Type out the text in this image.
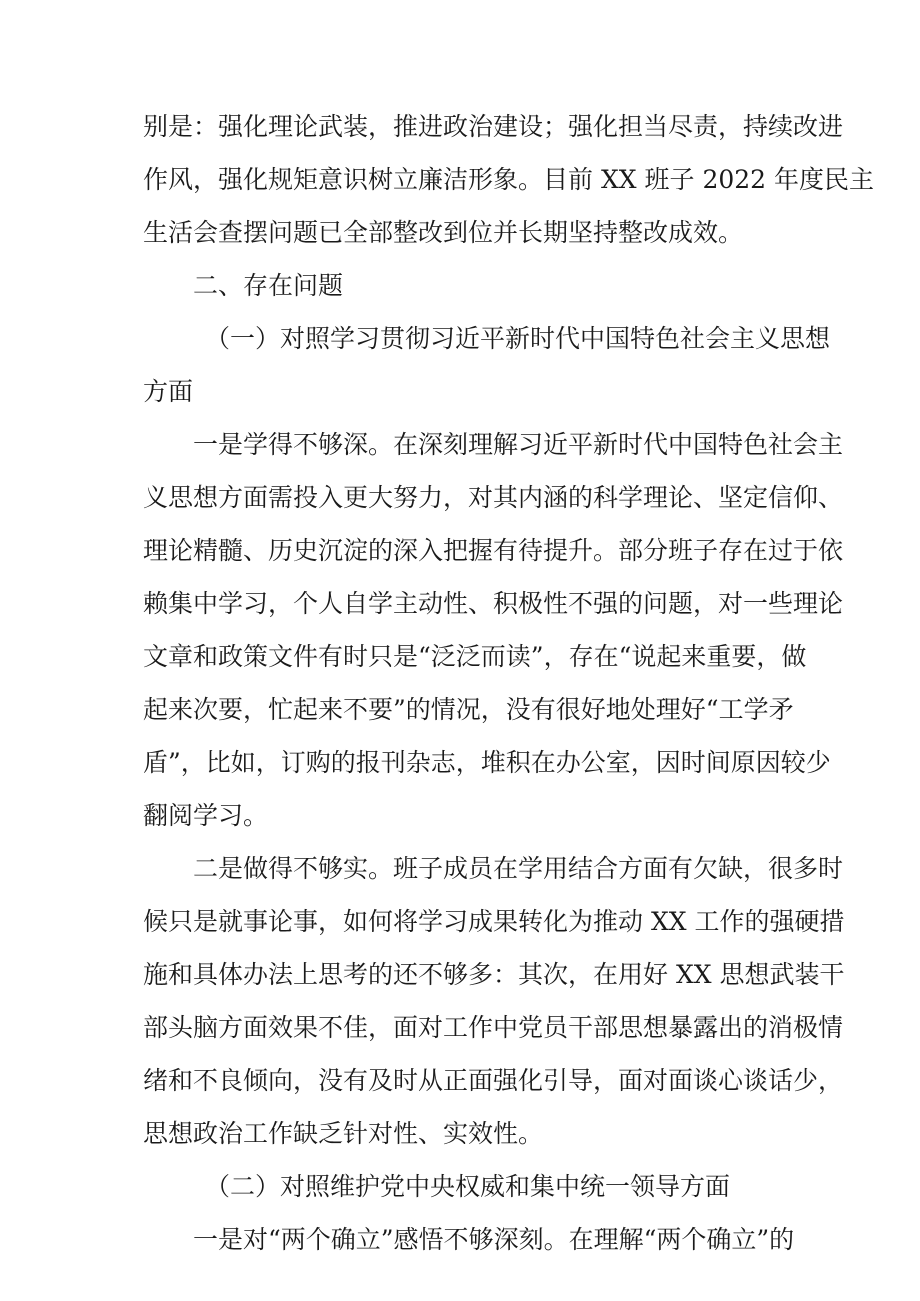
别是：强化理论武装，推进政治建设；强化担当尽责，持续改进
作风，强化规矩意识树立廉洁形象。目前 XX 班子 2022 年度民主
生活会查摆问题已全部整改到位并长期坚持整改成效。
二、存在问题
（一）对照学习贯彻习近平新时代中国特色社会主义思想
方面
一是学得不够深。在深刻理解习近平新时代中国特色社会主
义思想方面需投入更大努力，对其内涵的科学理论、坚定信仰、
理论精髓、历史沉淀的深入把握有待提升。部分班子存在过于依
赖集中学习，个人自学主动性、积极性不强的问题，对一些理论
文章和政策文件有时只是“泛泛而读”，存在“说起来重要，做
起来次要，忙起来不要”的情况，没有很好地处理好“工学矛
盾”，比如，订购的报刊杂志，堆积在办公室，因时间原因较少
翻阅学习。
二是做得不够实。班子成员在学用结合方面有欠缺，很多时
候只是就事论事，如何将学习成果转化为推动 XX 工作的强硬措
施和具体办法上思考的还不够多：其次，在用好 XX 思想武装干
部头脑方面效果不佳，面对工作中党员干部思想暴露出的消极情
绪和不良倾向，没有及时从正面强化引导，面对面谈心谈话少，
思想政治工作缺乏针对性、实效性。
（二）对照维护党中央权威和集中统一领导方面
一是对“两个确立”感悟不够深刻。在理解“两个确立”的
